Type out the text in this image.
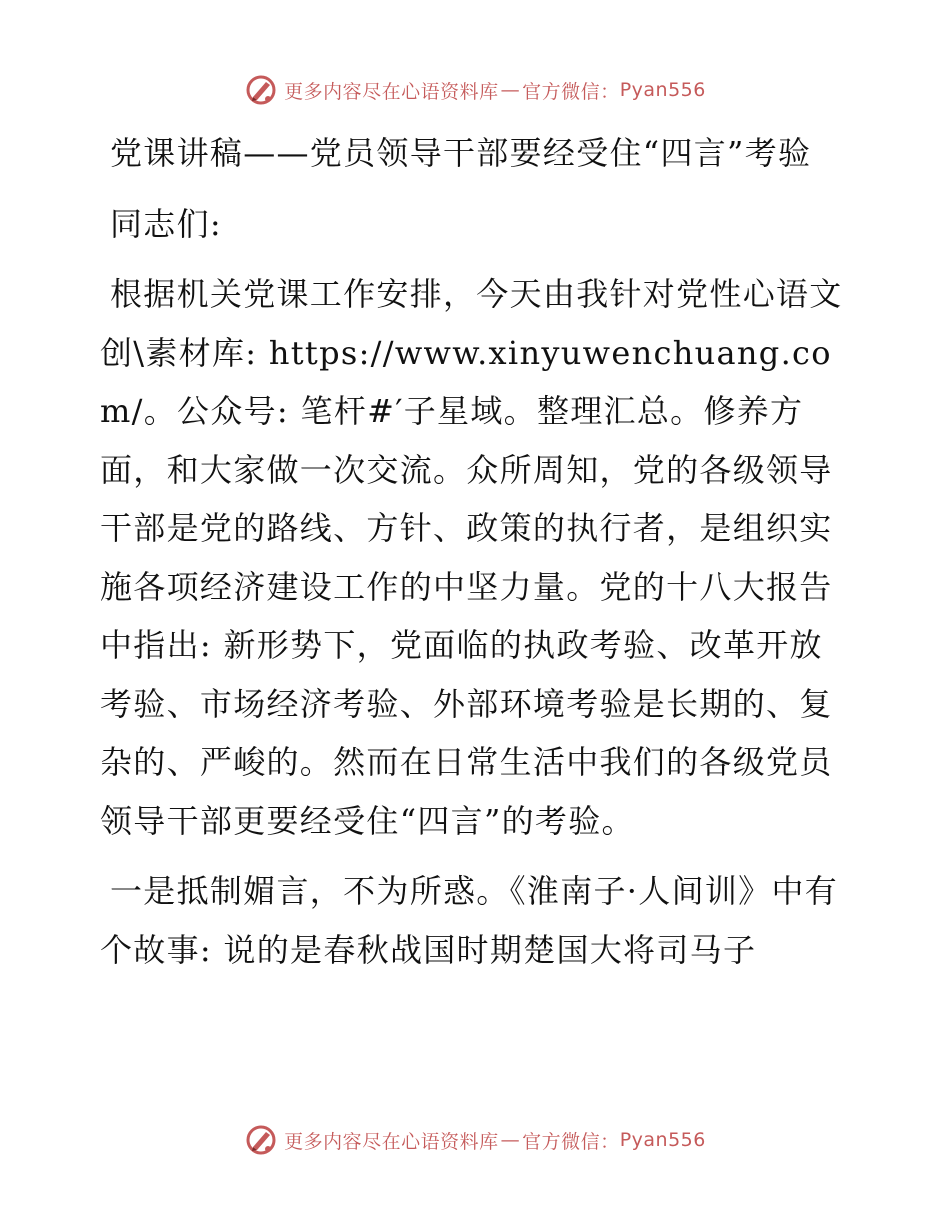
更多内容尽在心语资料库 — 官方微信： Pyan556

党课讲稿——党员领导干部要经受住“四言”考验

同志们:

根据机关党课工作安排，今天由我针对党性心语文创\素材库: https://www.xinyuwenchuang.com/。公众号: 笔杆#′子星域。整理汇总。修养方面，和大家做一次交流。众所周知，党的各级领导干部是党的路线、方针、政策的执行者，是组织实施各项经济建设工作的中坚力量。党的十八大报告中指出: 新形势下，党面临的执政考验、改革开放考验、市场经济考验、外部环境考验是长期的、复杂的、严峻的。然而在日常生活中我们的各级党员领导干部更要经受住“四言”的考验。

一是抵制媚言，不为所惑。《淮南子·人间训》中有个故事: 说的是春秋战国时期楚国大将司马子

更多内容尽在心语资料库 — 官方微信： Pyan556
